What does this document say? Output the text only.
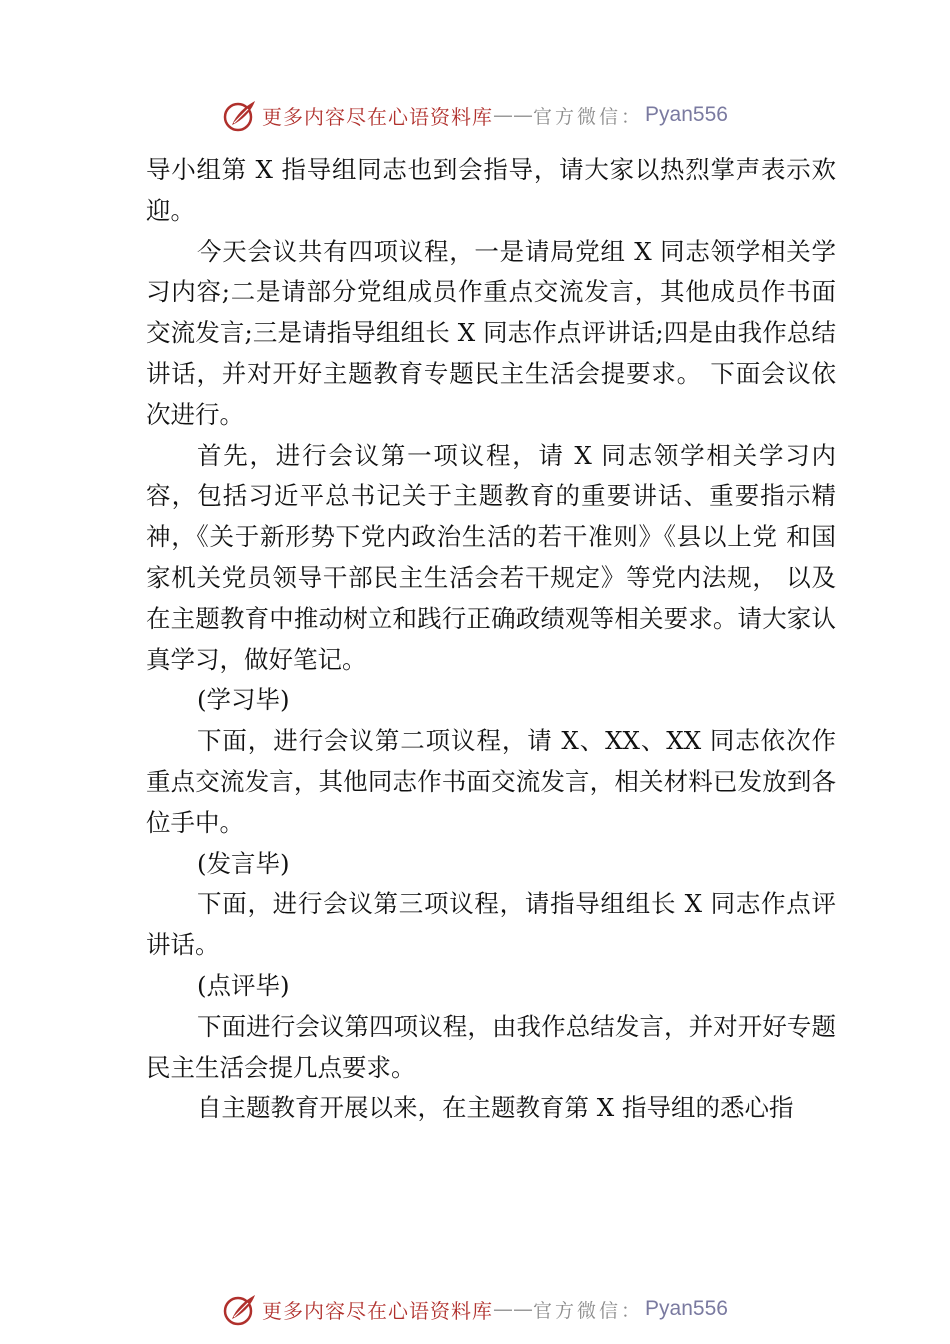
更多内容尽在心语资料库 —— 官方微信： Pyan556

导小组第 X 指导组同志也到会指导，请大家以热烈掌声表示欢迎。

今天会议共有四项议程，一是请局党组 X 同志领学相关学习内容;二是请部分党组成员作重点交流发言，其他成员作书面交流发言;三是请指导组组长 X 同志作点评讲话;四是由我作总结讲话，并对开好主题教育专题民主生活会提要求。 下面会议依次进行。

首先，进行会议第一项议程，请 X 同志领学相关学习内容，包括习近平总书记关于主题教育的重要讲话、重要指示精神，《关于新形势下党内政治生活的若干准则》《县以上党 和国家机关党员领导干部民主生活会若干规定》等党内法规， 以及在主题教育中推动树立和践行正确政绩观等相关要求。请大家认真学习，做好笔记。

(学习毕)

下面，进行会议第二项议程，请 X、XX、XX 同志依次作重点交流发言，其他同志作书面交流发言，相关材料已发放到各位手中。

(发言毕)

下面，进行会议第三项议程，请指导组组长 X 同志作点评讲话。

(点评毕)

下面进行会议第四项议程，由我作总结发言，并对开好专题民主生活会提几点要求。

自主题教育开展以来，在主题教育第 X 指导组的悉心指

更多内容尽在心语资料库 —— 官方微信： Pyan556
